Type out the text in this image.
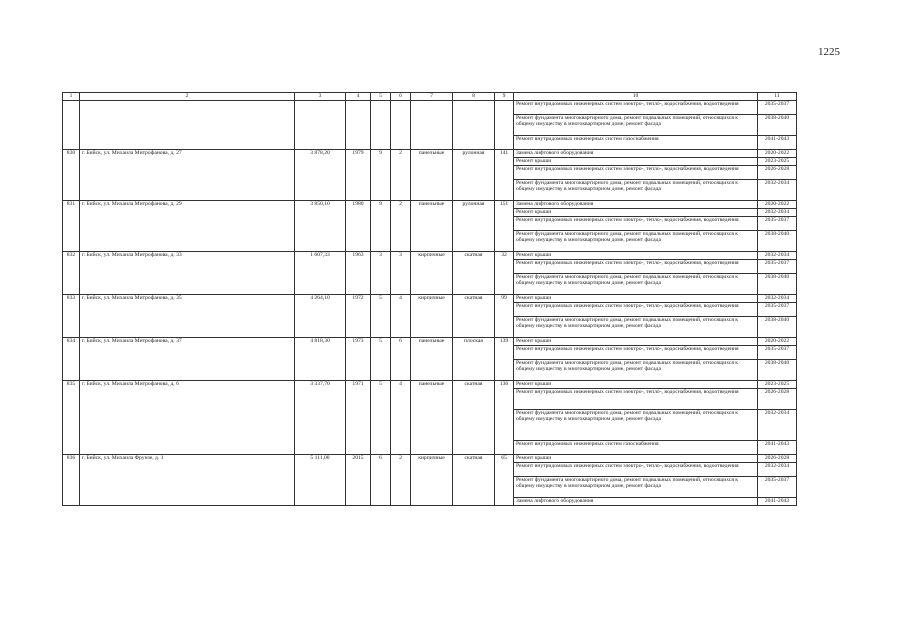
1225
1	2	3	4	5	6	7	8	9	10	11
									Ремонт внутридомовых инженерных систем электро-, тепло-, водоснабжения, водоотведения	2035-2037
									Ремонт фундамента многоквартирного дома, ремонт подвальных помещений, относящихся к общему имуществу в многоквартирном доме, ремонт фасада	2038-2040
									Ремонт внутридомовых инженерных систем газоснабжения	2041-2043
830	г. Бийск, ул. Михаила Митрофанова, д. 27	3 878,20	1979	9	2	панельные	рулонная	141	Замена лифтового оборудования	2020-2022
									Ремонт крыши	2023-2025
									Ремонт внутридомовых инженерных систем электро-, тепло-, водоснабжения, водоотведения	2026-2028
									Ремонт фундамента многоквартирного дома, ремонт подвальных помещений, относящихся к общему имуществу в многоквартирном доме, ремонт фасада	2032-2034
831	г. Бийск, ул. Михаила Митрофанова, д. 29	3 850,10	1980	9	2	панельные	рулонная	151	Замена лифтового оборудования	2020-2022
									Ремонт крыши	2032-2034
									Ремонт внутридомовых инженерных систем электро-, тепло-, водоснабжения, водоотведения	2035-2037
									Ремонт фундамента многоквартирного дома, ремонт подвальных помещений, относящихся к общему имуществу в многоквартирном доме, ремонт фасада	2038-2040
832	г. Бийск, ул. Михаила Митрофанова, д. 33	1 607,33	1963	3	3	кирпичные	скатная	32	Ремонт крыши	2032-2034
									Ремонт внутридомовых инженерных систем электро-, тепло-, водоснабжения, водоотведения	2035-2037
									Ремонт фундамента многоквартирного дома, ремонт подвальных помещений, относящихся к общему имуществу в многоквартирном доме, ремонт фасада	2038-2040
833	г. Бийск, ул. Михаила Митрофанова, д. 35	4 264,10	1972	5	4	кирпичные	скатная	99	Ремонт крыши	2032-2034
									Ремонт внутридомовых инженерных систем электро-, тепло-, водоснабжения, водоотведения	2035-2037
									Ремонт фундамента многоквартирного дома, ремонт подвальных помещений, относящихся к общему имуществу в многоквартирном доме, ремонт фасада	2038-2040
834	г. Бийск, ул. Михаила Митрофанова, д. 37	4 818,30	1973	5	6	панельные	плоская	139	Ремонт крыши	2020-2022
									Ремонт внутридомовых инженерных систем электро-, тепло-, водоснабжения, водоотведения	2035-2037
									Ремонт фундамента многоквартирного дома, ремонт подвальных помещений, относящихся к общему имуществу в многоквартирном доме, ремонт фасада	2038-2040
835	г. Бийск, ул. Михаила Митрофанова, д. 6	3 337,70	1971	5	4	панельные	скатная	136	Ремонт крыши	2023-2025
									Ремонт внутридомовых инженерных систем электро-, тепло-, водоснабжения, водоотведения	2026-2028
									Ремонт фундамента многоквартирного дома, ремонт подвальных помещений, относящихся к общему имуществу в многоквартирном доме, ремонт фасада	2032-2034
									Ремонт внутридомовых инженерных систем газоснабжения	2041-2043
836	г. Бийск, ул. Михаила Фрунзе, д. 1	5 111,00	2015	6	2	кирпичные	скатная	65	Ремонт крыши	2026-2028
									Ремонт внутридомовых инженерных систем электро-, тепло-, водоснабжения, водоотведения	2032-2034
									Ремонт фундамента многоквартирного дома, ремонт подвальных помещений, относящихся к общему имуществу в многоквартирном доме, ремонт фасада	2035-2037
									Замена лифтового оборудования	2041-2043
